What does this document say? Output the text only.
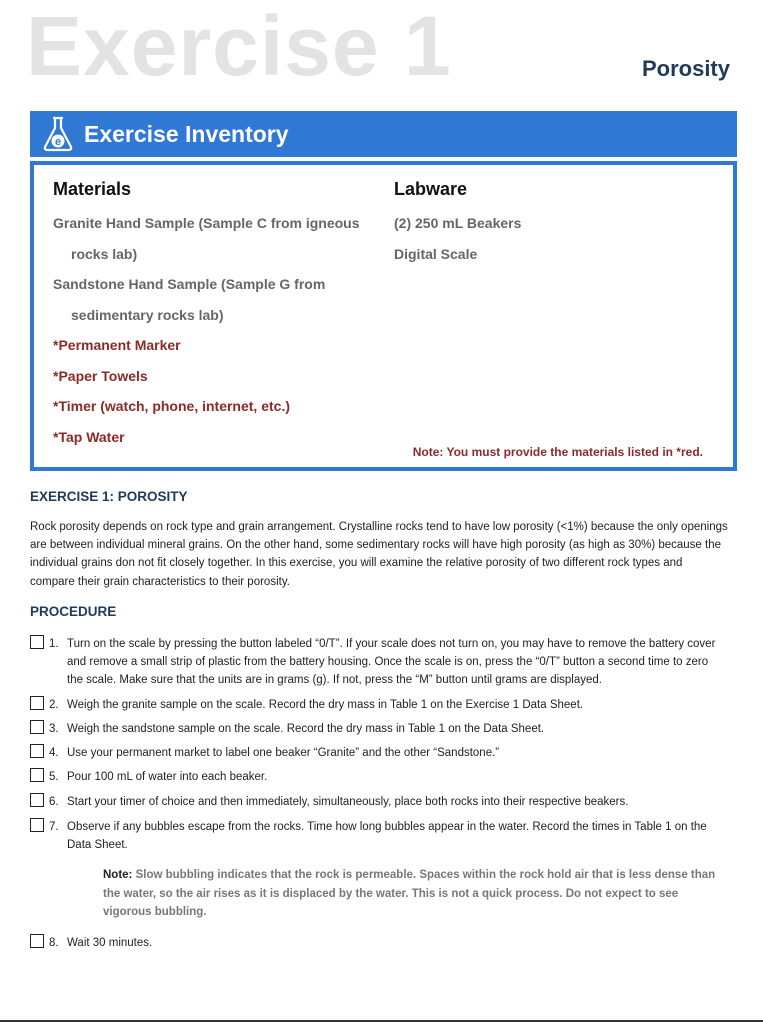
Exercise 1	Porosity
e Exercise Inventory
Materials
Granite Hand Sample (Sample C from igneous
rocks lab)
Sandstone Hand Sample (Sample G from
sedimentary rocks lab)
*Permanent Marker
*Paper Towels
*Timer (watch, phone, internet, etc.)
*Tap Water
Labware
(2) 250 mL Beakers
Digital Scale
Note: You must provide the materials listed in *red.
EXERCISE 1: POROSITY
Rock porosity depends on rock type and grain arrangement. Crystalline rocks tend to have low porosity (<1%) because the only openings are between individual mineral grains. On the other hand, some sedimentary rocks will have high porosity (as high as 30%) because the individual grains don not fit closely together. In this exercise, you will examine the relative porosity of two different rock types and compare their grain characteristics to their porosity.
PROCEDURE
1. Turn on the scale by pressing the button labeled “0/T”. If your scale does not turn on, you may have to remove the battery cover and remove a small strip of plastic from the battery housing. Once the scale is on, press the “0/T” button a second time to zero the scale. Make sure that the units are in grams (g). If not, press the “M” button until grams are displayed.
2. Weigh the granite sample on the scale. Record the dry mass in Table 1 on the Exercise 1 Data Sheet.
3. Weigh the sandstone sample on the scale. Record the dry mass in Table 1 on the Data Sheet.
4. Use your permanent market to label one beaker “Granite” and the other “Sandstone.”
5. Pour 100 mL of water into each beaker.
6. Start your timer of choice and then immediately, simultaneously, place both rocks into their respective beakers.
7. Observe if any bubbles escape from the rocks. Time how long bubbles appear in the water. Record the times in Table 1 on the Data Sheet.
Note: Slow bubbling indicates that the rock is permeable. Spaces within the rock hold air that is less dense than the water, so the air rises as it is displaced by the water. This is not a quick process. Do not expect to see vigorous bubbling.
8. Wait 30 minutes.
